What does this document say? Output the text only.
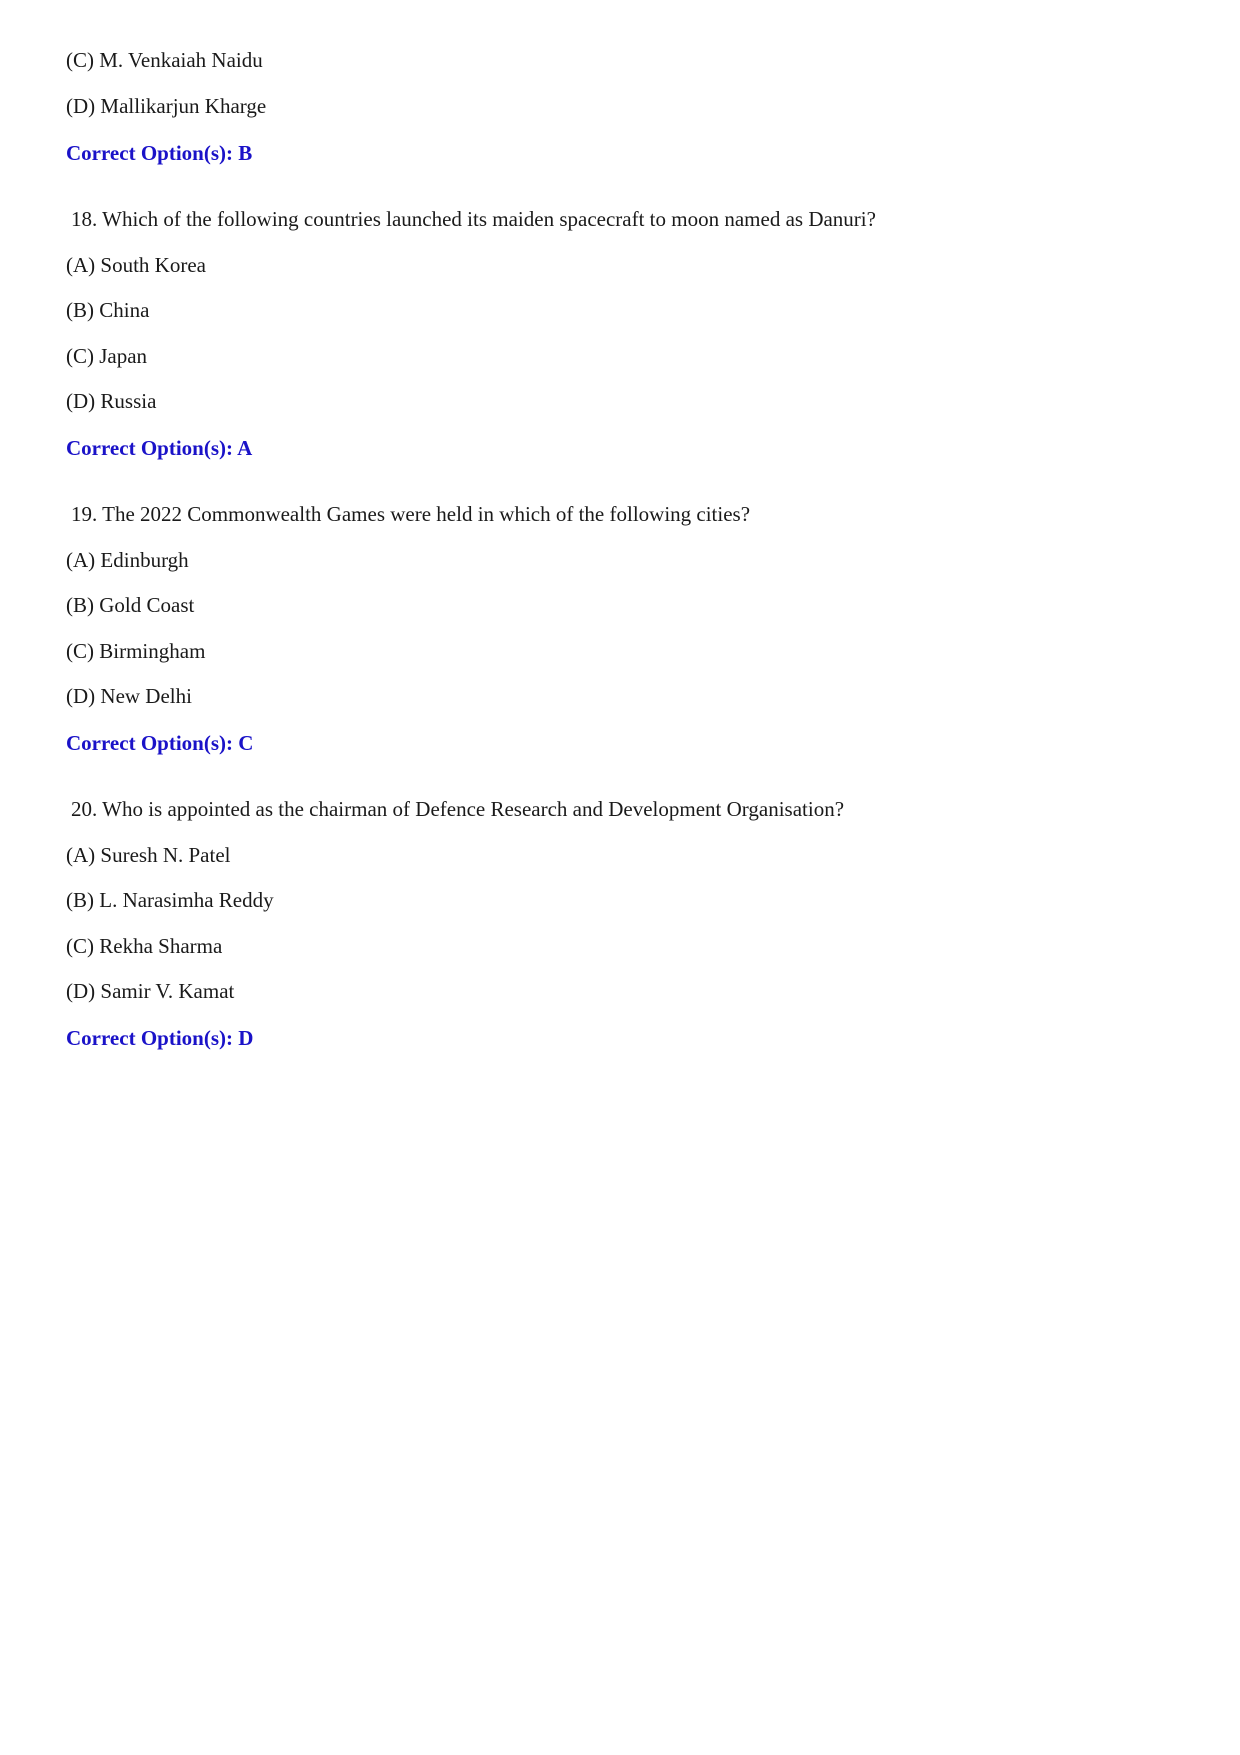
(C) M. Venkaiah Naidu
(D) Mallikarjun Kharge
Correct Option(s): B
18. Which of the following countries launched its maiden spacecraft to moon named as Danuri?
(A) South Korea
(B) China
(C) Japan
(D) Russia
Correct Option(s): A
19. The 2022 Commonwealth Games were held in which of the following cities?
(A) Edinburgh
(B) Gold Coast
(C) Birmingham
(D) New Delhi
Correct Option(s): C
20. Who is appointed as the chairman of Defence Research and Development Organisation?
(A) Suresh N. Patel
(B) L. Narasimha Reddy
(C) Rekha Sharma
(D) Samir V. Kamat
Correct Option(s): D
